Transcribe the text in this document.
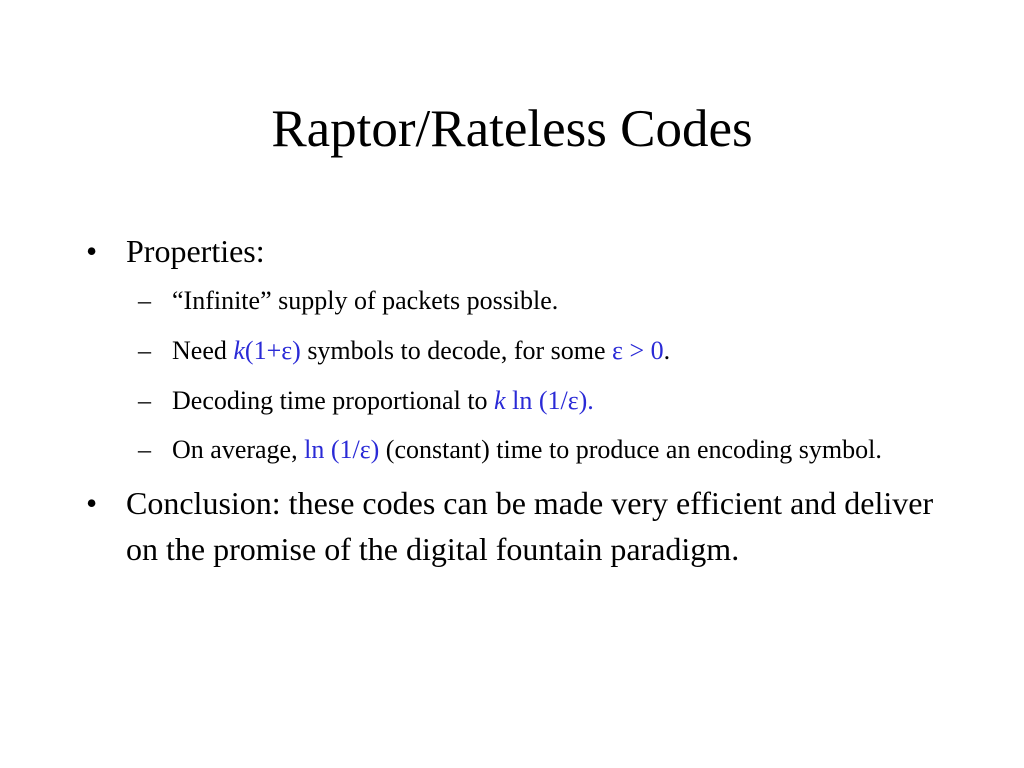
Raptor/Rateless Codes
• Properties:
– “Infinite” supply of packets possible.
– Need k(1+ε) symbols to decode, for some ε > 0.
– Decoding time proportional to k ln (1/ε).
– On average, ln (1/ε) (constant) time to produce an encoding symbol.
• Conclusion: these codes can be made very efficient and deliver on the promise of the digital fountain paradigm.
